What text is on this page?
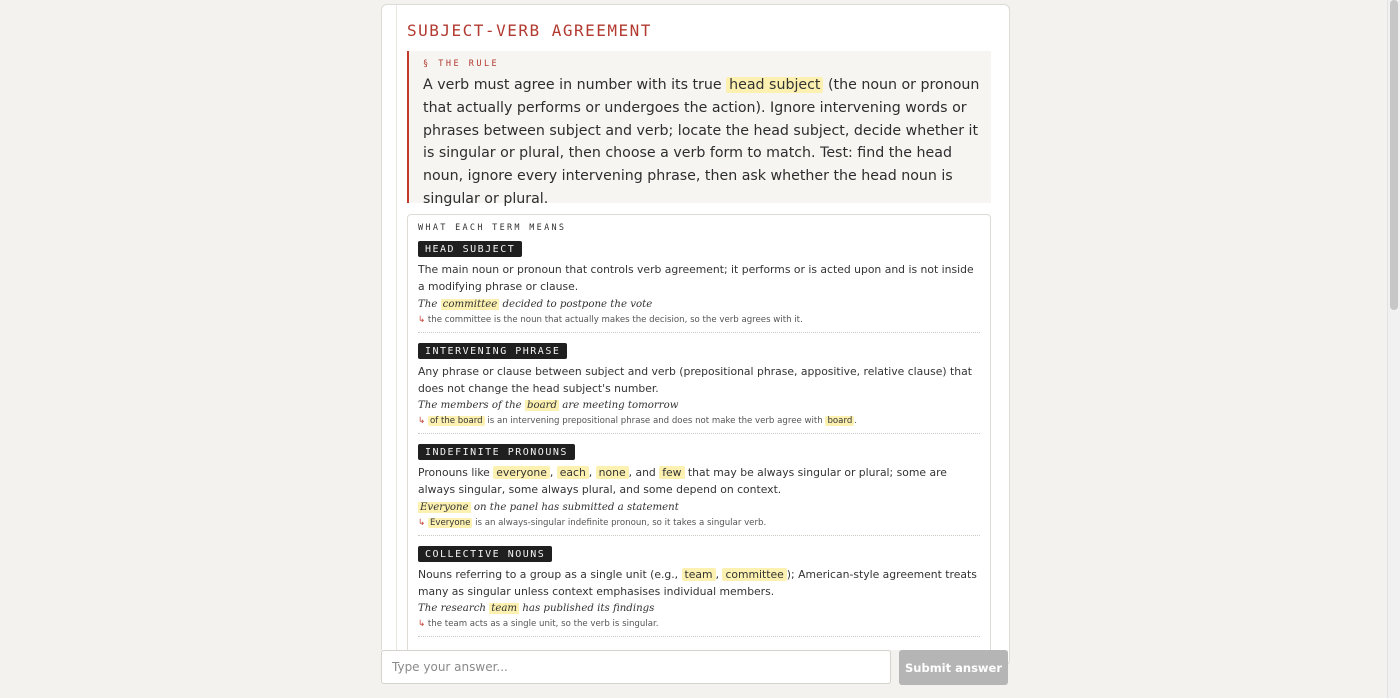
SUBJECT-VERB AGREEMENT
§ THE RULE
A verb must agree in number with its true head subject (the noun or pronoun that actually performs or undergoes the action). Ignore intervening words or phrases between subject and verb; locate the head subject, decide whether it is singular or plural, then choose a verb form to match. Test: find the head noun, ignore every intervening phrase, then ask whether the head noun is singular or plural.
WHAT EACH TERM MEANS
HEAD SUBJECT
The main noun or pronoun that controls verb agreement; it performs or is acted upon and is not inside a modifying phrase or clause.
The committee decided to postpone the vote
↳ the committee is the noun that actually makes the decision, so the verb agrees with it.
INTERVENING PHRASE
Any phrase or clause between subject and verb (prepositional phrase, appositive, relative clause) that does not change the head subject's number.
The members of the board are meeting tomorrow
↳ of the board is an intervening prepositional phrase and does not make the verb agree with board .
INDEFINITE PRONOUNS
Pronouns like everyone , each , none , and few that may be always singular or plural; some are always singular, some always plural, and some depend on context.
Everyone on the panel has submitted a statement
↳ Everyone is an always-singular indefinite pronoun, so it takes a singular verb.
COLLECTIVE NOUNS
Nouns referring to a group as a single unit (e.g., team , committee ); American-style agreement treats many as singular unless context emphasises individual members.
The research team has published its findings
↳ the team acts as a single unit, so the verb is singular.
Type your answer...
Submit answer
